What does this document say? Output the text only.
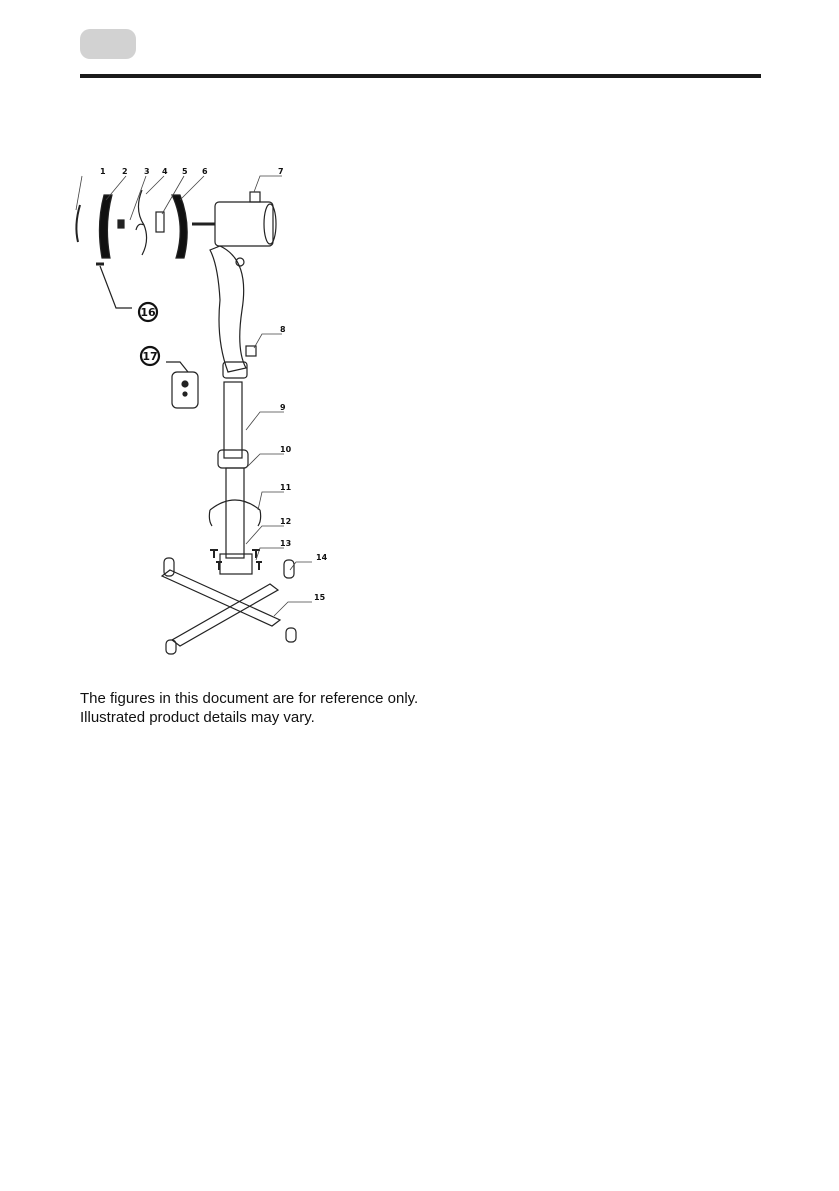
1 2 3 4 5 6	7
8
9
10
11
12
13
14
15
16
17
The figures in this document are for reference only.
Illustrated product details may vary.
